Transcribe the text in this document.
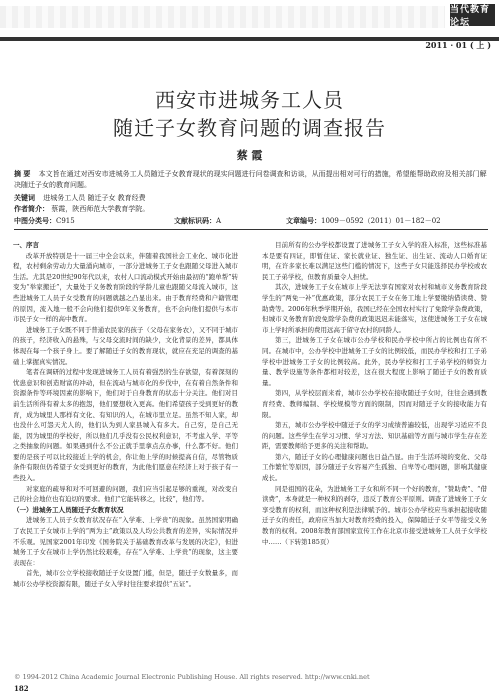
当代教育论坛
2011 · 01 ( 上 )
西安市进城务工人员
随迁子女教育问题的调查报告
蔡 霞
摘 要 本文旨在通过对西安市进城务工人员随迁子女教育现状的现实问题进行问卷调查和访谈，从而提出相对可行的措施，希望能帮助政府及相关部门解决随迁子女的教育问题。
关键词 进城务工人员 随迁子女 教育经费
作者简介： 蔡霞，陕西师范大学教育学院。
中图分类号：C915	文献标识码：A	文章编号：1009－0592（2011）01－182－02

一、序言

改革开放特别是十一届三中全会以来，伴随着我国社会工业化、城市化进程，农村剩余劳动力大量涌向城市，一部分进城务工子女也跟随父母进入城市生活。尤其是20世纪90年代以来，农村人口流动模式开始由最初的“跑单帮”转变为“举家搬迁”，大量处于义务教育阶段的学龄儿童也跟随父母流入城市，这些进城务工人员子女受教育的问题就越之凸显出来。由于教育经费和户籍管理的原因，流入地一般不会向他们提供9年义务教育，也不会向他们提供与本市市民子女一样的高中教育。

进城务工子女既不同于普通农民家的孩子（父母在家务农），又不同于城市的孩子，经济收入的悬殊，与父母交流时间的缺少，文化背景的差异，都具体体现在每一个孩子身上。要了解随迁子女的教育现状，就应在充足的调查的基础上掌握真实情况。

笔者在调研的过程中发现进城务工人员有着强烈的生存欲望，有着深刻的忧患意识和创造财富的冲动，但在流动与城市化的步伐中，在有着自然条件和资源条件等环境因素的影响下，他们对于自身教育的状态十分关注。他们对目前生活所得有着太多的抱怨，他们要想收入更高。他们希望孩子受到更好的教育，成为城里人那样有文化、有知识的人，在城市里立足。虽然不知人家，却也没什么可怨天尤人的，他们认为到人家县城入有多大。自己穷，是自己无能，因为城里的学校好，所以他们几乎没有公民权利意识，不考虑入学、平等之类抽象的问题。如果遇到什么不公正就手里拿点点办事，什么都不好。他们要的是孩子可以比较接近上学的机会，你让他上学的时候提高自信，尽管物质条件有限但仍希望子女受到更好的教育，为此他们愿意在经济上对于孩子有一些投入。

对家庭的疏导和对不可回避的问题，我们应当引起足够的重视，对改变自己的社会地位也有迫切的要求。他们“它能转移之，比较”，他们等。

（一）进城务工人员随迁子女教育状况

进城务工人员子女教育状况存在“入学难、上学贵”的现象。虽然国家明确了农民工子女城市上学的“两为主”政策以及人均公共教育的差异，实际情况并不乐观。见国家2001年印发《国务院关于基础教育改革与发展的决定》，但进城务工子女在城市上学仍然比较艰难，存在“入学难、上学贵”的现象，这主要表现在：

首先，城市公立学校接收随迁子女设置门槛，但是，随迁子女数量多，而城市公办学校资源有限，随迁子女入学时往往要求提供“五证”。

目前所有的公办学校都设置了进城务工子女入学的准入标准，这些标准基本是要有四证，即暂住证、家长就业证、独生证、出生证、流动人口婚育证明，在许多家长难以满足这些门槛的情况下，这些子女只能选择民办学校或农民工子弟学校，但教育质量令人担忧。

其次，进城务工子女在城市上学无法享有国家对农村和城市义务教育阶段学生的“两免一补”优惠政策，部分农民工子女在务工地上学要缴纳借读费、赞助费等。2006年秋季学期开始，我国已经在全国农村实行了免除学杂费政策，但城市义务教育阶段免除学杂费的政策迟迟未能落实，这使进城务工子女在城市上学时所承担的费用远高于留守农村的同龄人。

第三，进城务工子女在城市公办学校和民办学校中所占的比例也有所不同。在城市中，公办学校中进城务工子女的比例较低，而民办学校和打工子弟学校中进城务工子女的比例较高。此外，民办学校和打工子弟学校的师资力量、教学设施等条件都相对较差，这在很大程度上影响了随迁子女的教育质量。

第四，从学校层面来看，城市公办学校在接收随迁子女时，往往会遇到教育经费、教师编制、学校规模等方面的限制，因而对随迁子女的接收能力有限。

第五，城市公办学校中随迁子女的学习成绩普遍较低，出现学习适应不良的问题。这些学生在学习习惯、学习方法、知识基础等方面与城市学生存在差距，需要教师给予更多的关注和帮助。

第六，随迁子女的心理健康问题也日益凸显。由于生活环境的变化、父母工作繁忙等原因，部分随迁子女容易产生孤独、自卑等心理问题，影响其健康成长。

同是祖国的花朵，为进城务工子女和所不同一个好的教育，“赞助费”、“借读费”，本身就是一种权利的剥夺，违反了教育公平原则。调查了进城务工子女享受教育的权利，而这种权利是法律赋予的。城市公办学校应当承担起接收随迁子女的责任，政府应当加大对教育经费的投入，保障随迁子女平等接受义务教育的权利。2008年教育部国家宣传工作在北京市接受进城务工人员子女学校中……（下转第185页）

© 1994-2012 China Academic Journal Electronic Publishing House. All rights reserved. http://www.cnki.net
182
